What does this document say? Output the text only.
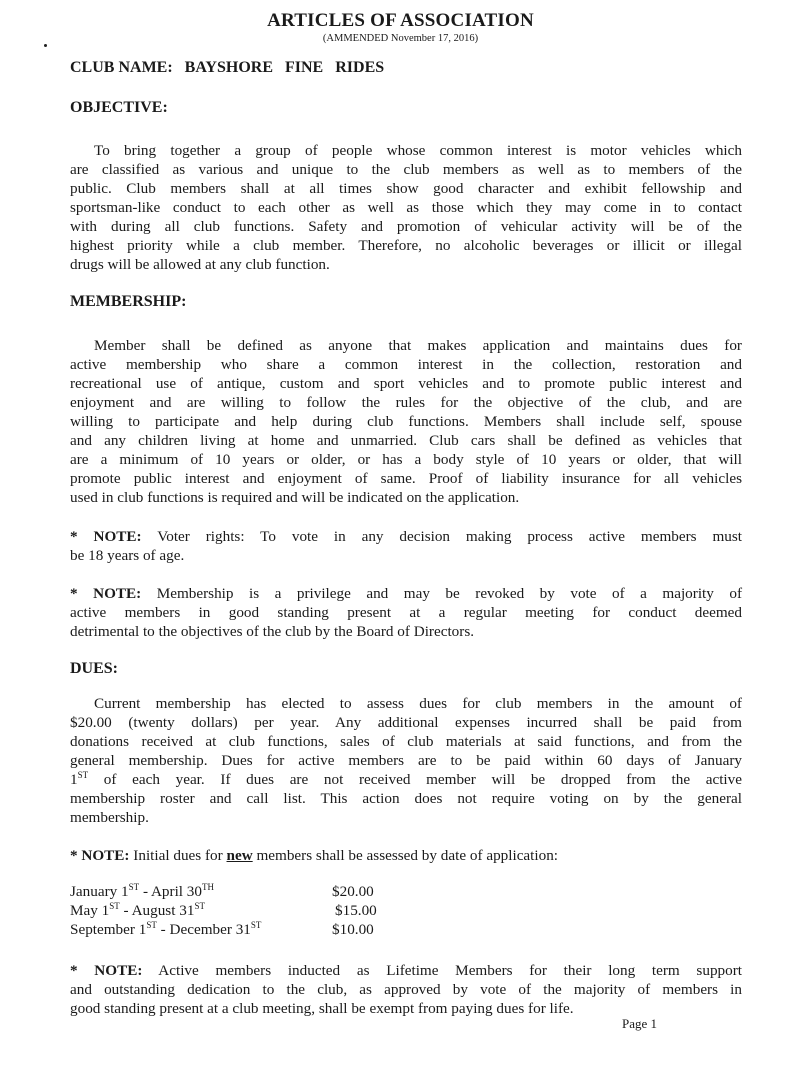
ARTICLES OF ASSOCIATION
(AMMENDED November 17, 2016)
CLUB NAME: BAYSHORE   FINE   RIDES
OBJECTIVE:
To bring together a group of people whose common interest is motor vehicles which
are classified as various and unique to the club members as well as to members of the
public. Club members shall at all times show good character and exhibit fellowship and
sportsman-like conduct to each other as well as those which they may come in to contact
with during all club functions. Safety and promotion of vehicular activity will be of the
highest priority while a club member. Therefore, no alcoholic beverages or illicit or illegal
drugs will be allowed at any club function.
MEMBERSHIP:
Member shall be defined as anyone that makes application and maintains dues for
active membership who share a common interest in the collection, restoration and
recreational use of antique, custom and sport vehicles and to promote public interest and
enjoyment and are willing to follow the rules for the objective of the club, and are
willing to participate and help during club functions. Members shall include self, spouse
and any children living at home and unmarried. Club cars shall be defined as vehicles that
are a minimum of 10 years or older, or has a body style of 10 years or older, that will
promote public interest and enjoyment of same. Proof of liability insurance for all vehicles
used in club functions is required and will be indicated on the application.
* NOTE: Voter rights: To vote in any decision making process active members must
be 18 years of age.
* NOTE: Membership is a privilege and may be revoked by vote of a majority of
active members in good standing present at a regular meeting for conduct deemed
detrimental to the objectives of the club by the Board of Directors.
DUES:
Current membership has elected to assess dues for club members in the amount of
$20.00 (twenty dollars) per year. Any additional expenses incurred shall be paid from
donations received at club functions, sales of club materials at said functions, and from the
general membership. Dues for active members are to be paid within 60 days of January
1ST of each year. If dues are not received member will be dropped from the active
membership roster and call list. This action does not require voting on by the general
membership.
* NOTE: Initial dues for new members shall be assessed by date of application:
January 1ST - April 30TH	$20.00
May 1ST - August 31ST	$15.00
September 1ST - December 31ST	$10.00
* NOTE: Active members inducted as Lifetime Members for their long term support
and outstanding dedication to the club, as approved by vote of the majority of members in
good standing present at a club meeting, shall be exempt from paying dues for life.
Page 1
